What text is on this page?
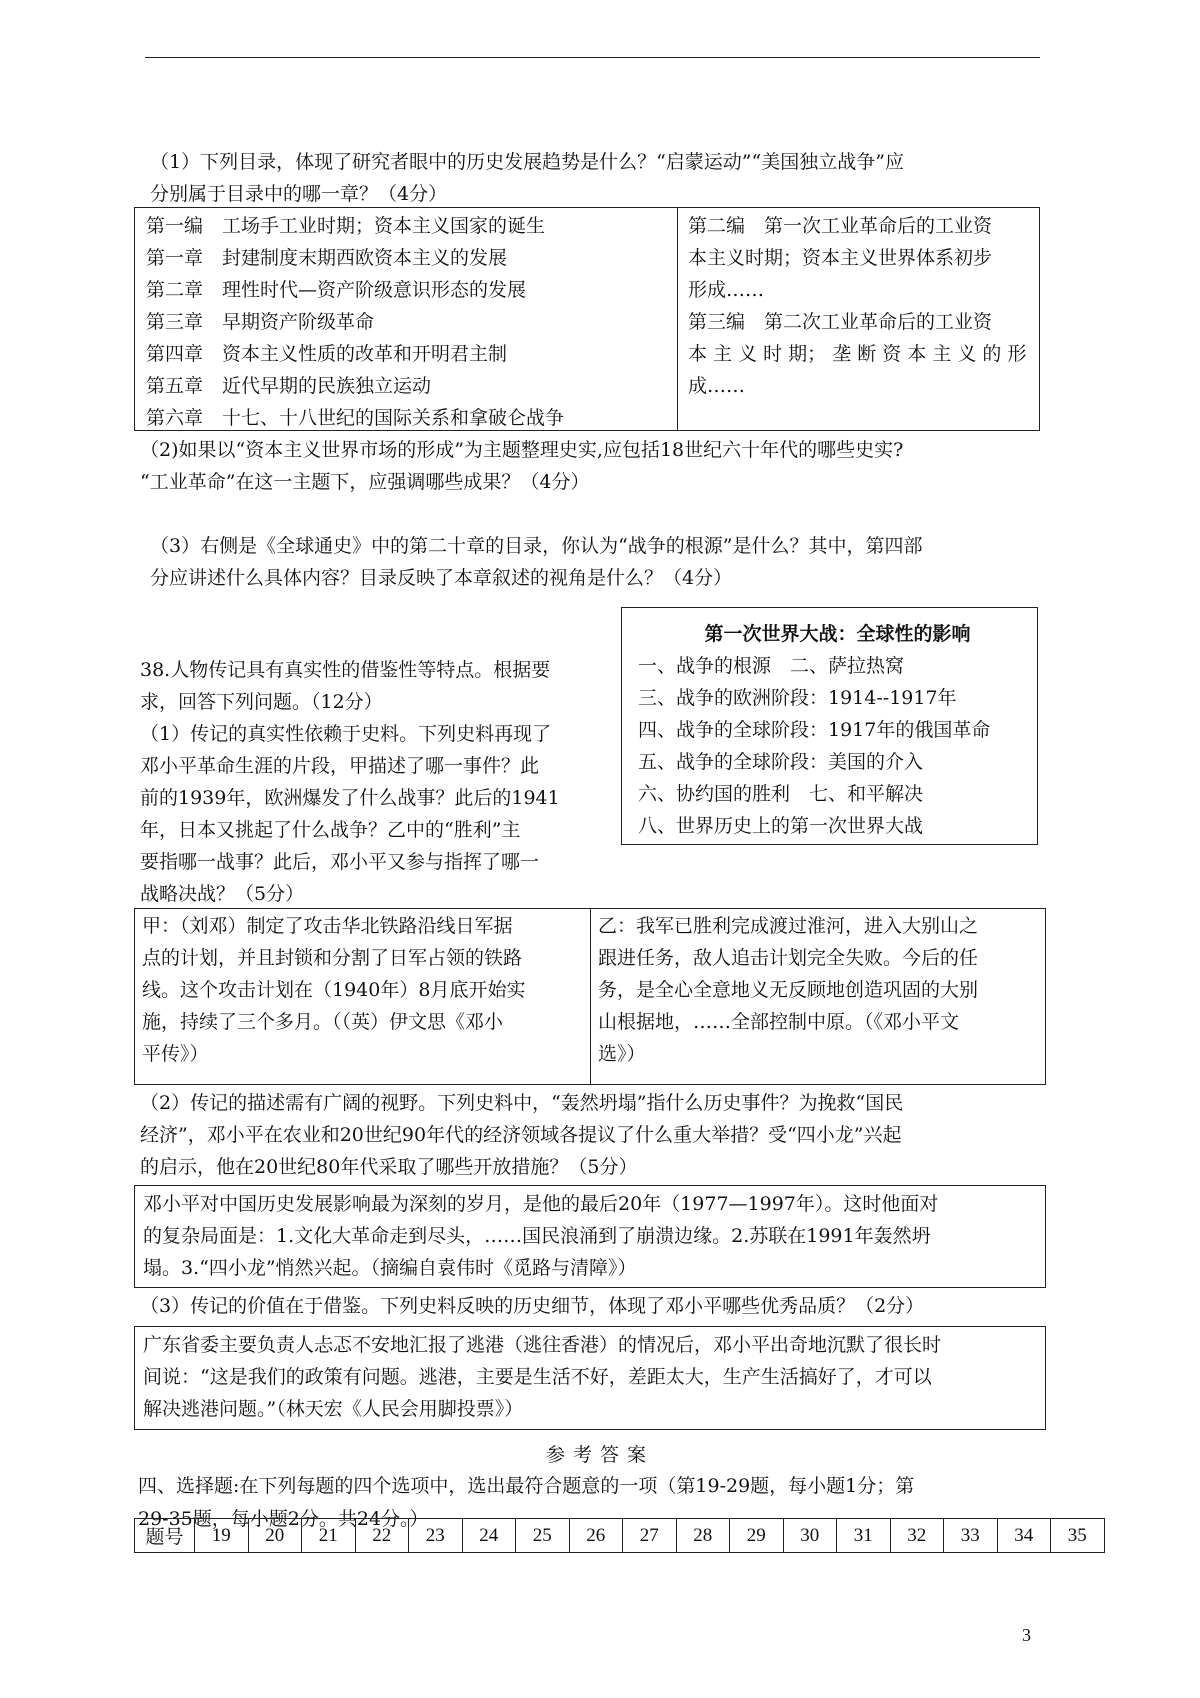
（1）下列目录，体现了研究者眼中的历史发展趋势是什么？“启蒙运动”“美国独立战争”应
分别属于目录中的哪一章？（4分）
第一编　工场手工业时期；资本主义国家的诞生
第一章　封建制度末期西欧资本主义的发展
第二章　理性时代—资产阶级意识形态的发展
第三章　早期资产阶级革命
第四章　资本主义性质的改革和开明君主制
第五章　近代早期的民族独立运动
第六章　十七、十八世纪的国际关系和拿破仑战争
第二编　第一次工业革命后的工业资
本主义时期；资本主义世界体系初步
形成……
第三编　第二次工业革命后的工业资
本 主 义 时 期； 垄 断 资 本 主 义 的 形
成……
（2)如果以“资本主义世界市场的形成”为主题整理史实,应包括18世纪六十年代的哪些史实?
“工业革命”在这一主题下，应强调哪些成果？（4分）
（3）右侧是《全球通史》中的第二十章的目录，你认为“战争的根源”是什么？其中，第四部
分应讲述什么具体内容？目录反映了本章叙述的视角是什么？（4分）
第一次世界大战：全球性的影响
一、战争的根源　二、萨拉热窝
三、战争的欧洲阶段：1914--1917年
四、战争的全球阶段：1917年的俄国革命
五、战争的全球阶段：美国的介入
六、协约国的胜利　七、和平解决
八、世界历史上的第一次世界大战
38.人物传记具有真实性的借鉴性等特点。根据要
求，回答下列问题。（12分）
（1）传记的真实性依赖于史料。下列史料再现了
邓小平革命生涯的片段，甲描述了哪一事件？此
前的1939年，欧洲爆发了什么战事？此后的1941
年，日本又挑起了什么战争？乙中的“胜利”主
要指哪一战事？此后，邓小平又参与指挥了哪一
战略决战？（5分）
甲：（刘邓）制定了攻击华北铁路沿线日军据
点的计划，并且封锁和分割了日军占领的铁路
线。这个攻击计划在（1940年）8月底开始实
施，持续了三个多月。（（英）伊文思《邓小
平传》）
乙：我军已胜利完成渡过淮河，进入大别山之
跟进任务，敌人追击计划完全失败。今后的任
务，是全心全意地义无反顾地创造巩固的大别
山根据地，……全部控制中原。（《邓小平文
选》）
（2）传记的描述需有广阔的视野。下列史料中，“轰然坍塌”指什么历史事件？为挽救“国民
经济”，邓小平在农业和20世纪90年代的经济领域各提议了什么重大举措？受“四小龙”兴起
的启示，他在20世纪80年代采取了哪些开放措施？（5分）
邓小平对中国历史发展影响最为深刻的岁月，是他的最后20年（1977—1997年）。这时他面对
的复杂局面是：1.文化大革命走到尽头，……国民浪涌到了崩溃边缘。2.苏联在1991年轰然坍
塌。3.“四小龙”悄然兴起。（摘编自袁伟时《觅路与清障》）
（3）传记的价值在于借鉴。下列史料反映的历史细节，体现了邓小平哪些优秀品质？（2分）
广东省委主要负责人忐忑不安地汇报了逃港（逃往香港）的情况后，邓小平出奇地沉默了很长时
间说：“这是我们的政策有问题。逃港，主要是生活不好，差距太大，生产生活搞好了，才可以
解决逃港问题。”（林天宏《人民会用脚投票》）
参考答案
四、选择题:在下列每题的四个选项中，选出最符合题意的一项（第19-29题，每小题1分；第
29-35题，每小题2分。共24分。）
题号	19	20	21	22	23	24	25	26	27	28	29	30	31	32	33	34	35
3
